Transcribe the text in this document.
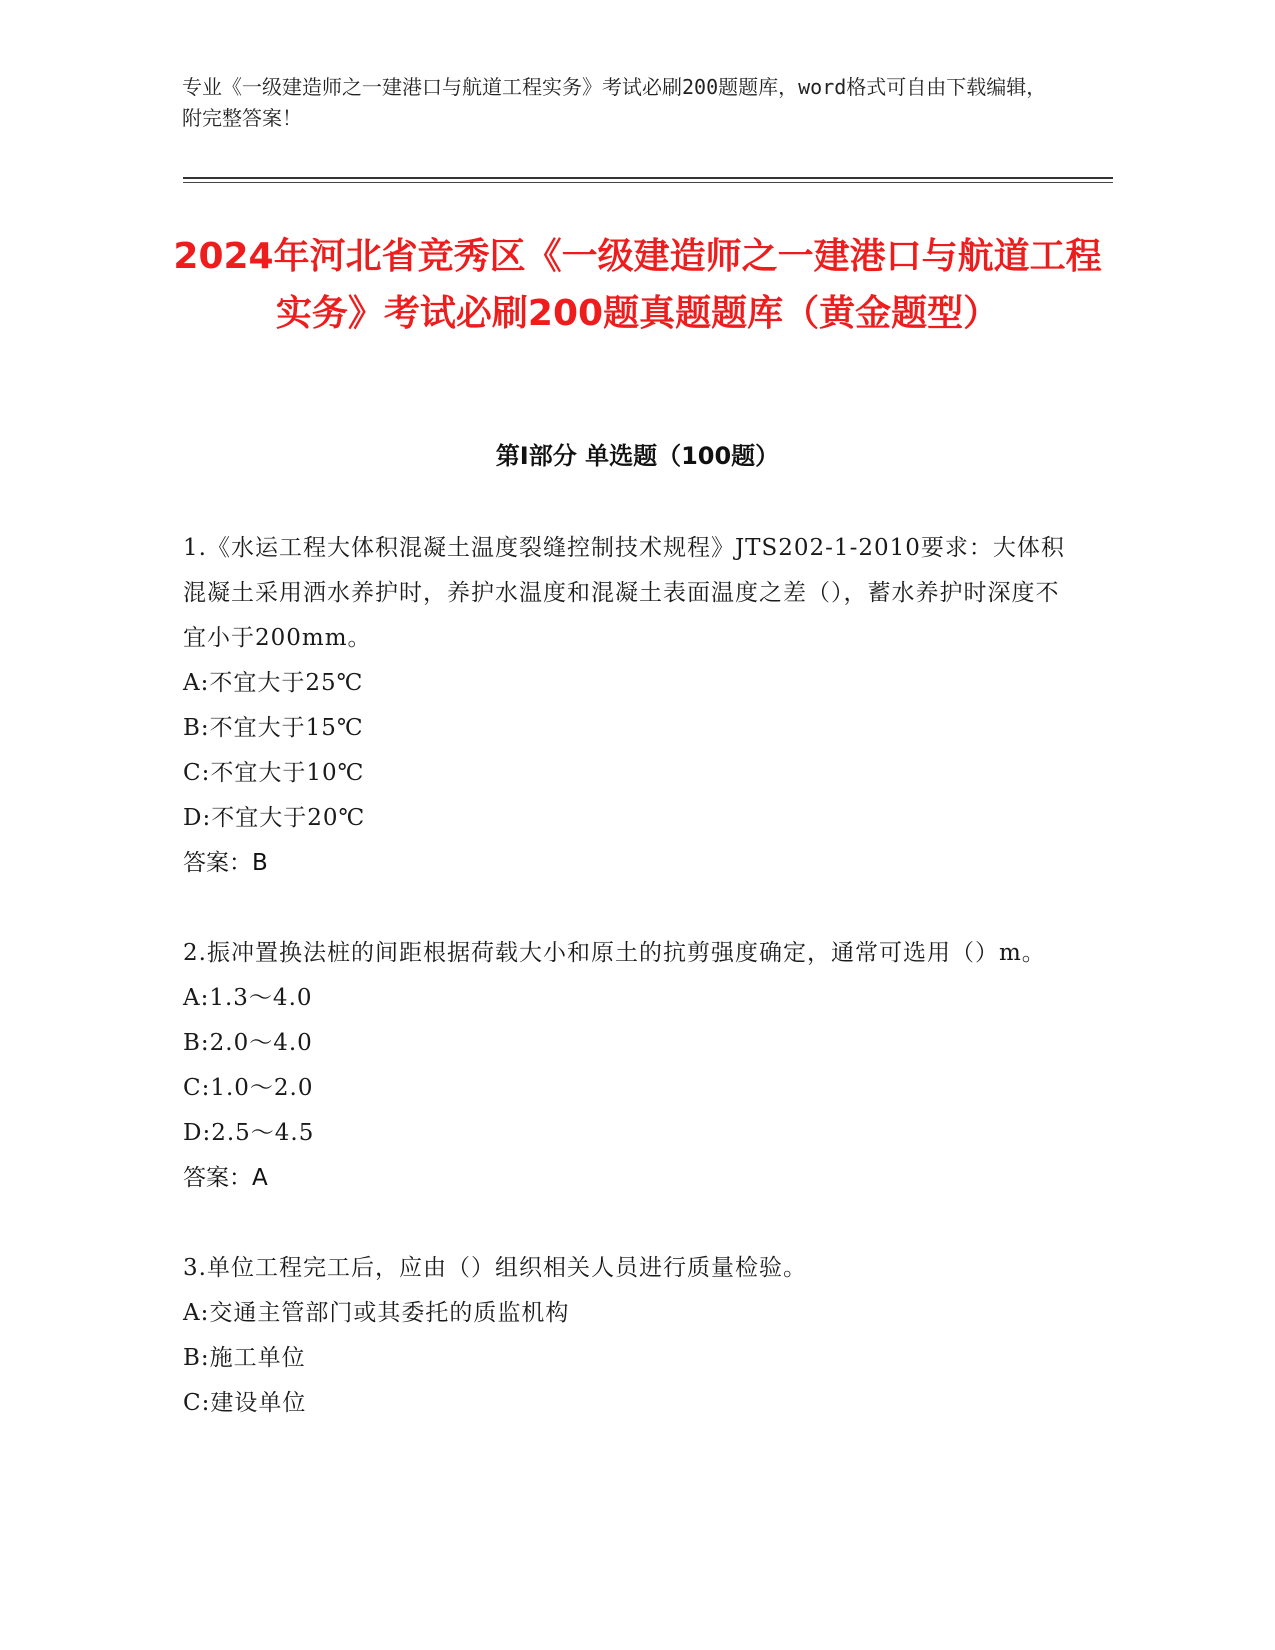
专业《一级建造师之一建港口与航道工程实务》考试必刷200题题库，word格式可自由下载编辑，附完整答案！
2024年河北省竞秀区《一级建造师之一建港口与航道工程实务》考试必刷200题真题题库（黄金题型）
第I部分 单选题（100题）
1.《水运工程大体积混凝土温度裂缝控制技术规程》JTS202-1-2010要求：大体积混凝土采用洒水养护时，养护水温度和混凝土表面温度之差（），蓄水养护时深度不宜小于200mm。
A:不宜大于25℃
B:不宜大于15℃
C:不宜大于10℃
D:不宜大于20℃
答案：B
2.振冲置换法桩的间距根据荷载大小和原土的抗剪强度确定，通常可选用（）m。
A:1.3～4.0
B:2.0～4.0
C:1.0～2.0
D:2.5～4.5
答案：A
3.单位工程完工后，应由（）组织相关人员进行质量检验。
A:交通主管部门或其委托的质监机构
B:施工单位
C:建设单位
